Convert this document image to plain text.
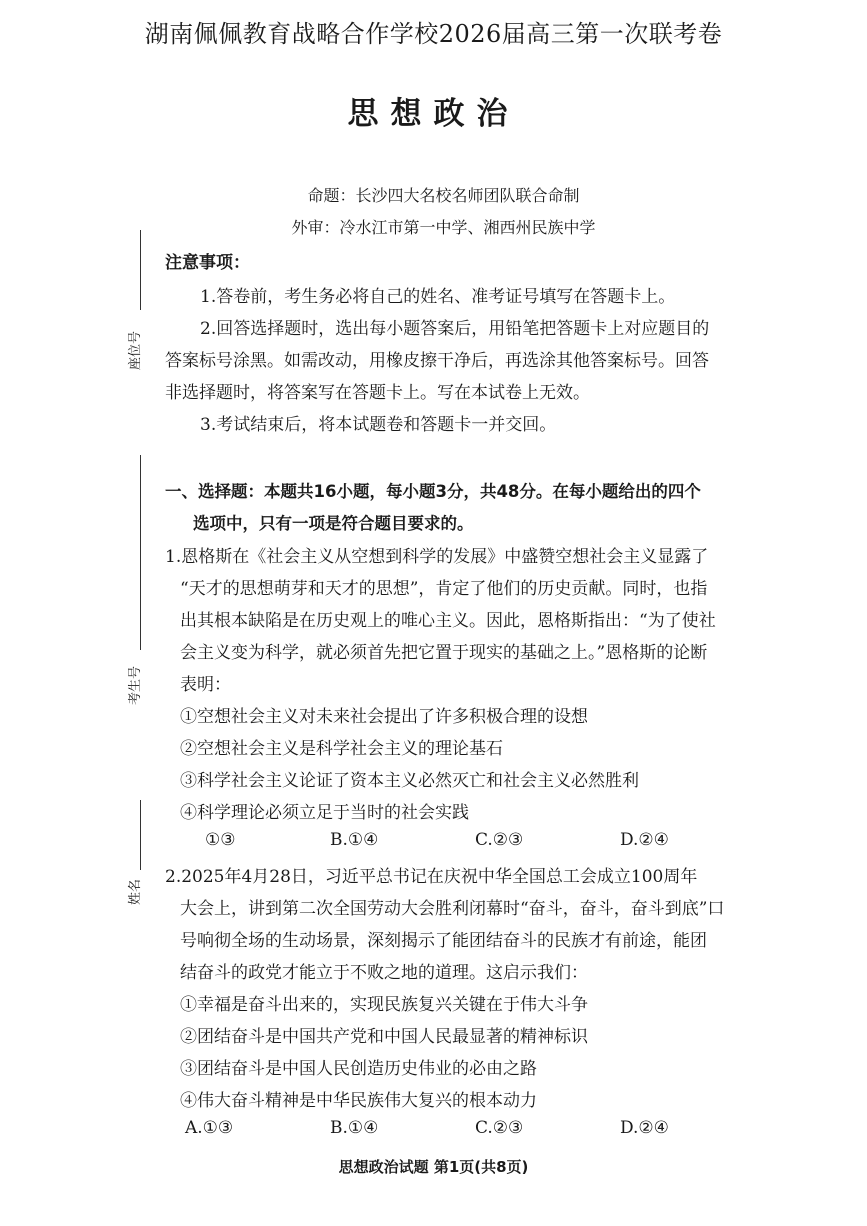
湖南佩佩教育战略合作学校2026届高三第一次联考卷
思想政治
命题：长沙四大名校名师团队联合命制
外审：冷水江市第一中学、湘西州民族中学
座位号
考生号
姓名
注意事项：
1.答卷前，考生务必将自己的姓名、准考证号填写在答题卡上。
2.回答选择题时，选出每小题答案后，用铅笔把答题卡上对应题目的
答案标号涂黑。如需改动，用橡皮擦干净后，再选涂其他答案标号。回答
非选择题时，将答案写在答题卡上。写在本试卷上无效。
3.考试结束后，将本试题卷和答题卡一并交回。
一、选择题：本题共16小题，每小题3分，共48分。在每小题给出的四个
选项中，只有一项是符合题目要求的。
1.恩格斯在《社会主义从空想到科学的发展》中盛赞空想社会主义显露了
“天才的思想萌芽和天才的思想”，肯定了他们的历史贡献。同时，也指
出其根本缺陷是在历史观上的唯心主义。因此，恩格斯指出：“为了使社
会主义变为科学，就必须首先把它置于现实的基础之上。”恩格斯的论断
表明：
①空想社会主义对未来社会提出了许多积极合理的设想
②空想社会主义是科学社会主义的理论基石
③科学社会主义论证了资本主义必然灭亡和社会主义必然胜利
④科学理论必须立足于当时的社会实践
①③	B.①④	C.②③	D.②④
2.2025年4月28日，习近平总书记在庆祝中华全国总工会成立100周年
大会上，讲到第二次全国劳动大会胜利闭幕时“奋斗，奋斗，奋斗到底”口
号响彻全场的生动场景，深刻揭示了能团结奋斗的民族才有前途，能团
结奋斗的政党才能立于不败之地的道理。这启示我们：
①幸福是奋斗出来的，实现民族复兴关键在于伟大斗争
②团结奋斗是中国共产党和中国人民最显著的精神标识
③团结奋斗是中国人民创造历史伟业的必由之路
④伟大奋斗精神是中华民族伟大复兴的根本动力
A.①③	B.①④	C.②③	D.②④
思想政治试题 第1页(共8页)
